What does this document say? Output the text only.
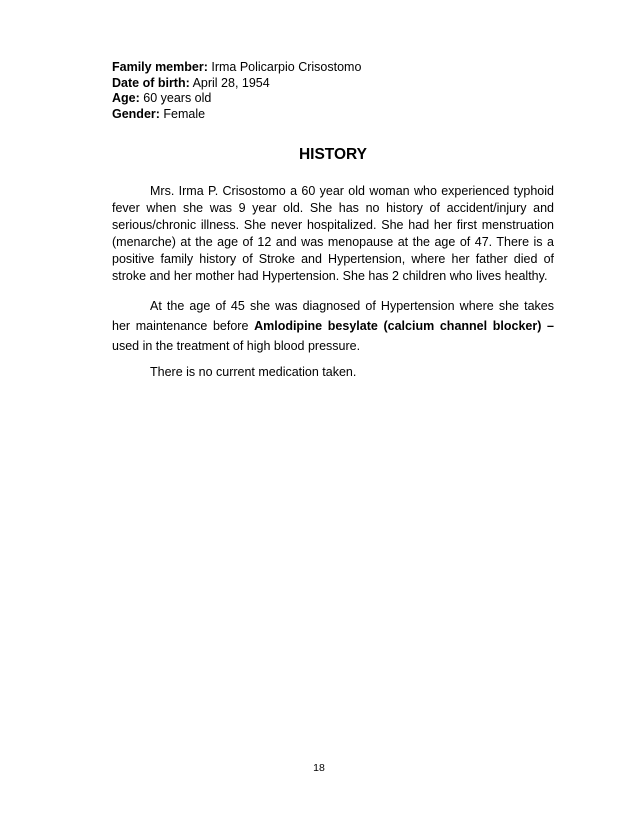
Family member: Irma Policarpio Crisostomo
Date of birth: April 28, 1954
Age: 60 years old
Gender: Female
HISTORY

Mrs. Irma P. Crisostomo a 60 year old woman who experienced typhoid fever when she was 9 year old. She has no history of accident/injury and serious/chronic illness. She never hospitalized. She had her first menstruation (menarche) at the age of 12 and was menopause at the age of 47. There is a positive family history of Stroke and Hypertension, where her father died of stroke and her mother had Hypertension. She has 2 children who lives healthy.

At the age of 45 she was diagnosed of Hypertension where she takes her maintenance before Amlodipine besylate (calcium channel blocker) – used in the treatment of high blood pressure.

There is no current medication taken.

18
